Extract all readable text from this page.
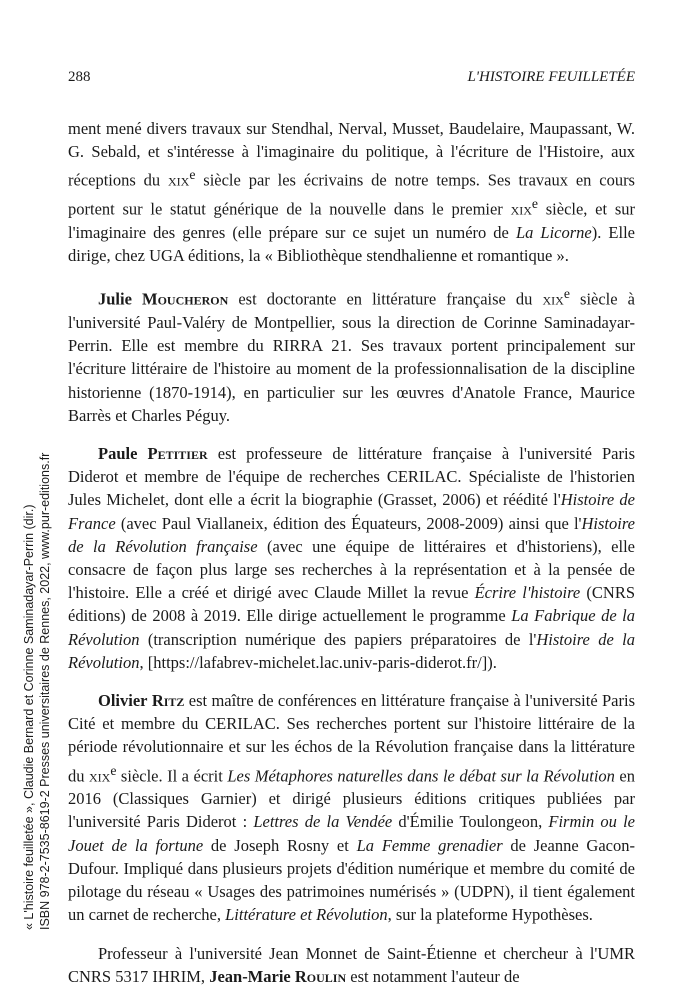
288	L'HISTOIRE FEUILLETÉE

ment mené divers travaux sur Stendhal, Nerval, Musset, Baudelaire, Maupassant, W. G. Sebald, et s'intéresse à l'imaginaire du politique, à l'écriture de l'Histoire, aux réceptions du xix$^e$ siècle par les écrivains de notre temps. Ses travaux en cours portent sur le statut générique de la nouvelle dans le premier xix$^e$ siècle, et sur l'imaginaire des genres (elle prépare sur ce sujet un numéro de La Licorne). Elle dirige, chez UGA éditions, la « Bibliothèque stendhalienne et romantique ».

Julie Moucheron est doctorante en littérature française du xix$^e$ siècle à l'université Paul-Valéry de Montpellier, sous la direction de Corinne Saminadayar-Perrin. Elle est membre du RIRRA 21. Ses travaux portent principalement sur l'écriture littéraire de l'histoire au moment de la professionnalisation de la discipline historienne (1870-1914), en particulier sur les œuvres d'Anatole France, Maurice Barrès et Charles Péguy.

Paule Petitier est professeure de littérature française à l'université Paris Diderot et membre de l'équipe de recherches CERILAC. Spécialiste de l'historien Jules Michelet, dont elle a écrit la biographie (Grasset, 2006) et réédité l'Histoire de France (avec Paul Viallaneix, édition des Équateurs, 2008-2009) ainsi que l'Histoire de la Révolution française (avec une équipe de littéraires et d'historiens), elle consacre de façon plus large ses recherches à la représentation et à la pensée de l'histoire. Elle a créé et dirigé avec Claude Millet la revue Écrire l'histoire (CNRS éditions) de 2008 à 2019. Elle dirige actuellement le programme La Fabrique de la Révolution (transcription numérique des papiers préparatoires de l'Histoire de la Révolution, [https://lafabrev-michelet.lac.univ-paris-diderot.fr/]).

Olivier Ritz est maître de conférences en littérature française à l'université Paris Cité et membre du CERILAC. Ses recherches portent sur l'histoire littéraire de la période révolutionnaire et sur les échos de la Révolution française dans la littérature du xix$^e$ siècle. Il a écrit Les Métaphores naturelles dans le débat sur la Révolution en 2016 (Classiques Garnier) et dirigé plusieurs éditions critiques publiées par l'université Paris Diderot : Lettres de la Vendée d'Émilie Toulongeon, Firmin ou le Jouet de la fortune de Joseph Rosny et La Femme grenadier de Jeanne Gacon-Dufour. Impliqué dans plusieurs projets d'édition numérique et membre du comité de pilotage du réseau « Usages des patrimoines numérisés » (UDPN), il tient également un carnet de recherche, Littérature et Révolution, sur la plateforme Hypothèses.

Professeur à l'université Jean Monnet de Saint-Étienne et chercheur à l'UMR CNRS 5317 IHRIM, Jean-Marie Roulin est notamment l'auteur de

« L'histoire feuilletée », Claudie Bernard et Corinne Saminadayar-Perrin (dir.) ISBN 978-2-7535-8619-2 Presses universitaires de Rennes, 2022, www.pur-editions.fr
